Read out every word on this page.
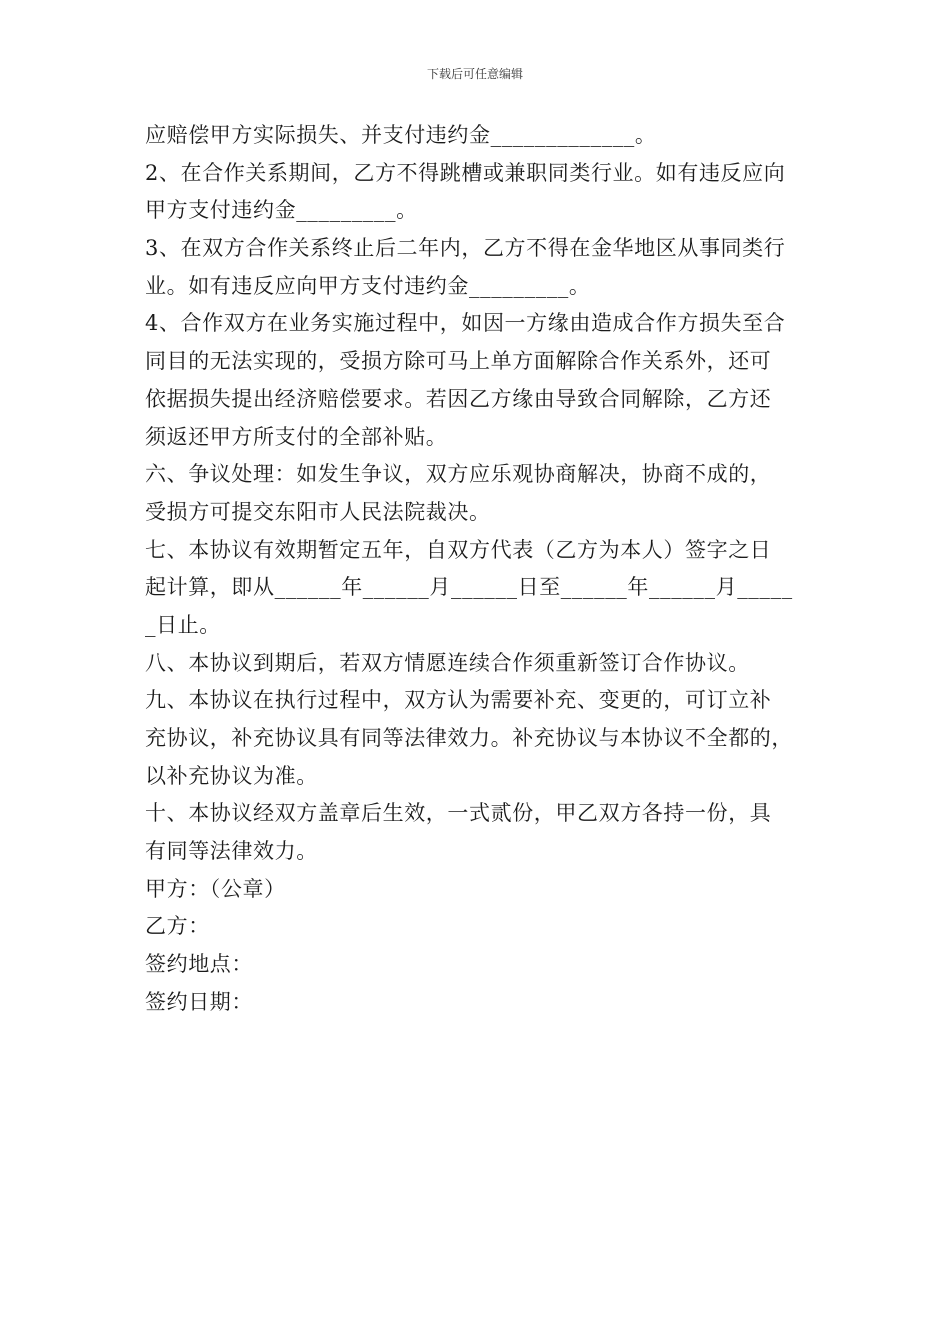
下载后可任意编辑
应赔偿甲方实际损失、并支付违约金_____________。
2、在合作关系期间，乙方不得跳槽或兼职同类行业。如有违反应向
甲方支付违约金_________。
3、在双方合作关系终止后二年内，乙方不得在金华地区从事同类行
业。如有违反应向甲方支付违约金_________。
4、合作双方在业务实施过程中，如因一方缘由造成合作方损失至合
同目的无法实现的，受损方除可马上单方面解除合作关系外，还可
依据损失提出经济赔偿要求。若因乙方缘由导致合同解除，乙方还
须返还甲方所支付的全部补贴。
六、争议处理：如发生争议，双方应乐观协商解决，协商不成的，
受损方可提交东阳市人民法院裁决。
七、本协议有效期暂定五年，自双方代表（乙方为本人）签字之日
起计算，即从______年______月______日至______年______月_____
_日止。
八、本协议到期后，若双方情愿连续合作须重新签订合作协议。
九、本协议在执行过程中，双方认为需要补充、变更的，可订立补
充协议，补充协议具有同等法律效力。补充协议与本协议不全都的，
以补充协议为准。
十、本协议经双方盖章后生效，一式贰份，甲乙双方各持一份，具
有同等法律效力。
甲方：（公章）
乙方：
签约地点：
签约日期：
